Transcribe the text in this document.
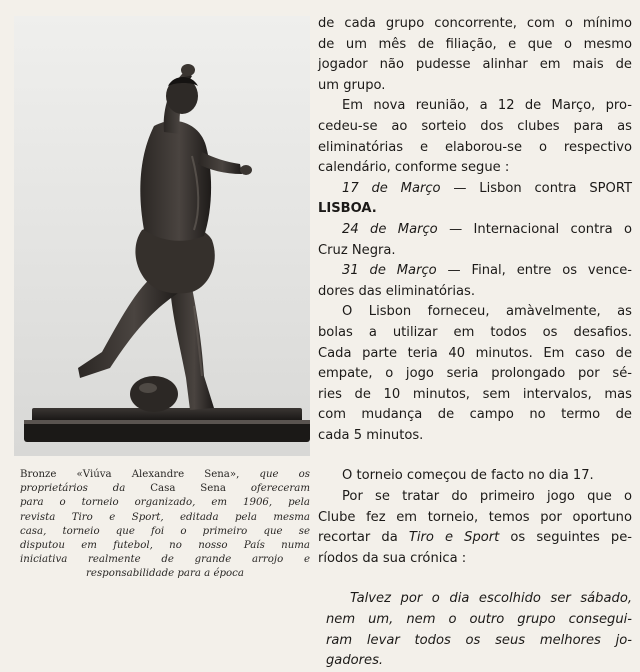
Bronze «Viúva Alexandre Sena», que os
proprietários da Casa Sena ofereceram
para o torneio organizado, em 1906, pela
revista Tiro e Sport, editada pela mesma
casa, torneio que foi o primeiro que se
disputou em futebol, no nosso País numa
iniciativa realmente de grande arrojo e
responsabilidade para a época
de cada grupo concorrente, com o mínimo
de um mês de filiação, e que o mesmo
jogador não pudesse alinhar em mais de
um grupo.
Em nova reunião, a 12 de Março, pro-
cedeu-se ao sorteio dos clubes para as
eliminatórias e elaborou-se o respectivo
calendário, conforme segue :
17 de Março — Lisbon contra SPORT
LISBOA.
24 de Março — Internacional contra o
Cruz Negra.
31 de Março — Final, entre os vence-
dores das eliminatórias.
O Lisbon forneceu, amàvelmente, as
bolas a utilizar em todos os desafios.
Cada parte teria 40 minutos. Em caso de
empate, o jogo seria prolongado por sé-
ries de 10 minutos, sem intervalos, mas
com mudança de campo no termo de
cada 5 minutos.
O torneio começou de facto no dia 17.
Por se tratar do primeiro jogo que o
Clube fez em torneio, temos por oportuno
recortar da Tiro e Sport os seguintes pe-
ríodos da sua crónica :
Talvez por o dia escolhido ser sábado,
nem um, nem o outro grupo consegui-
ram levar todos os seus melhores jo-
gadores.
